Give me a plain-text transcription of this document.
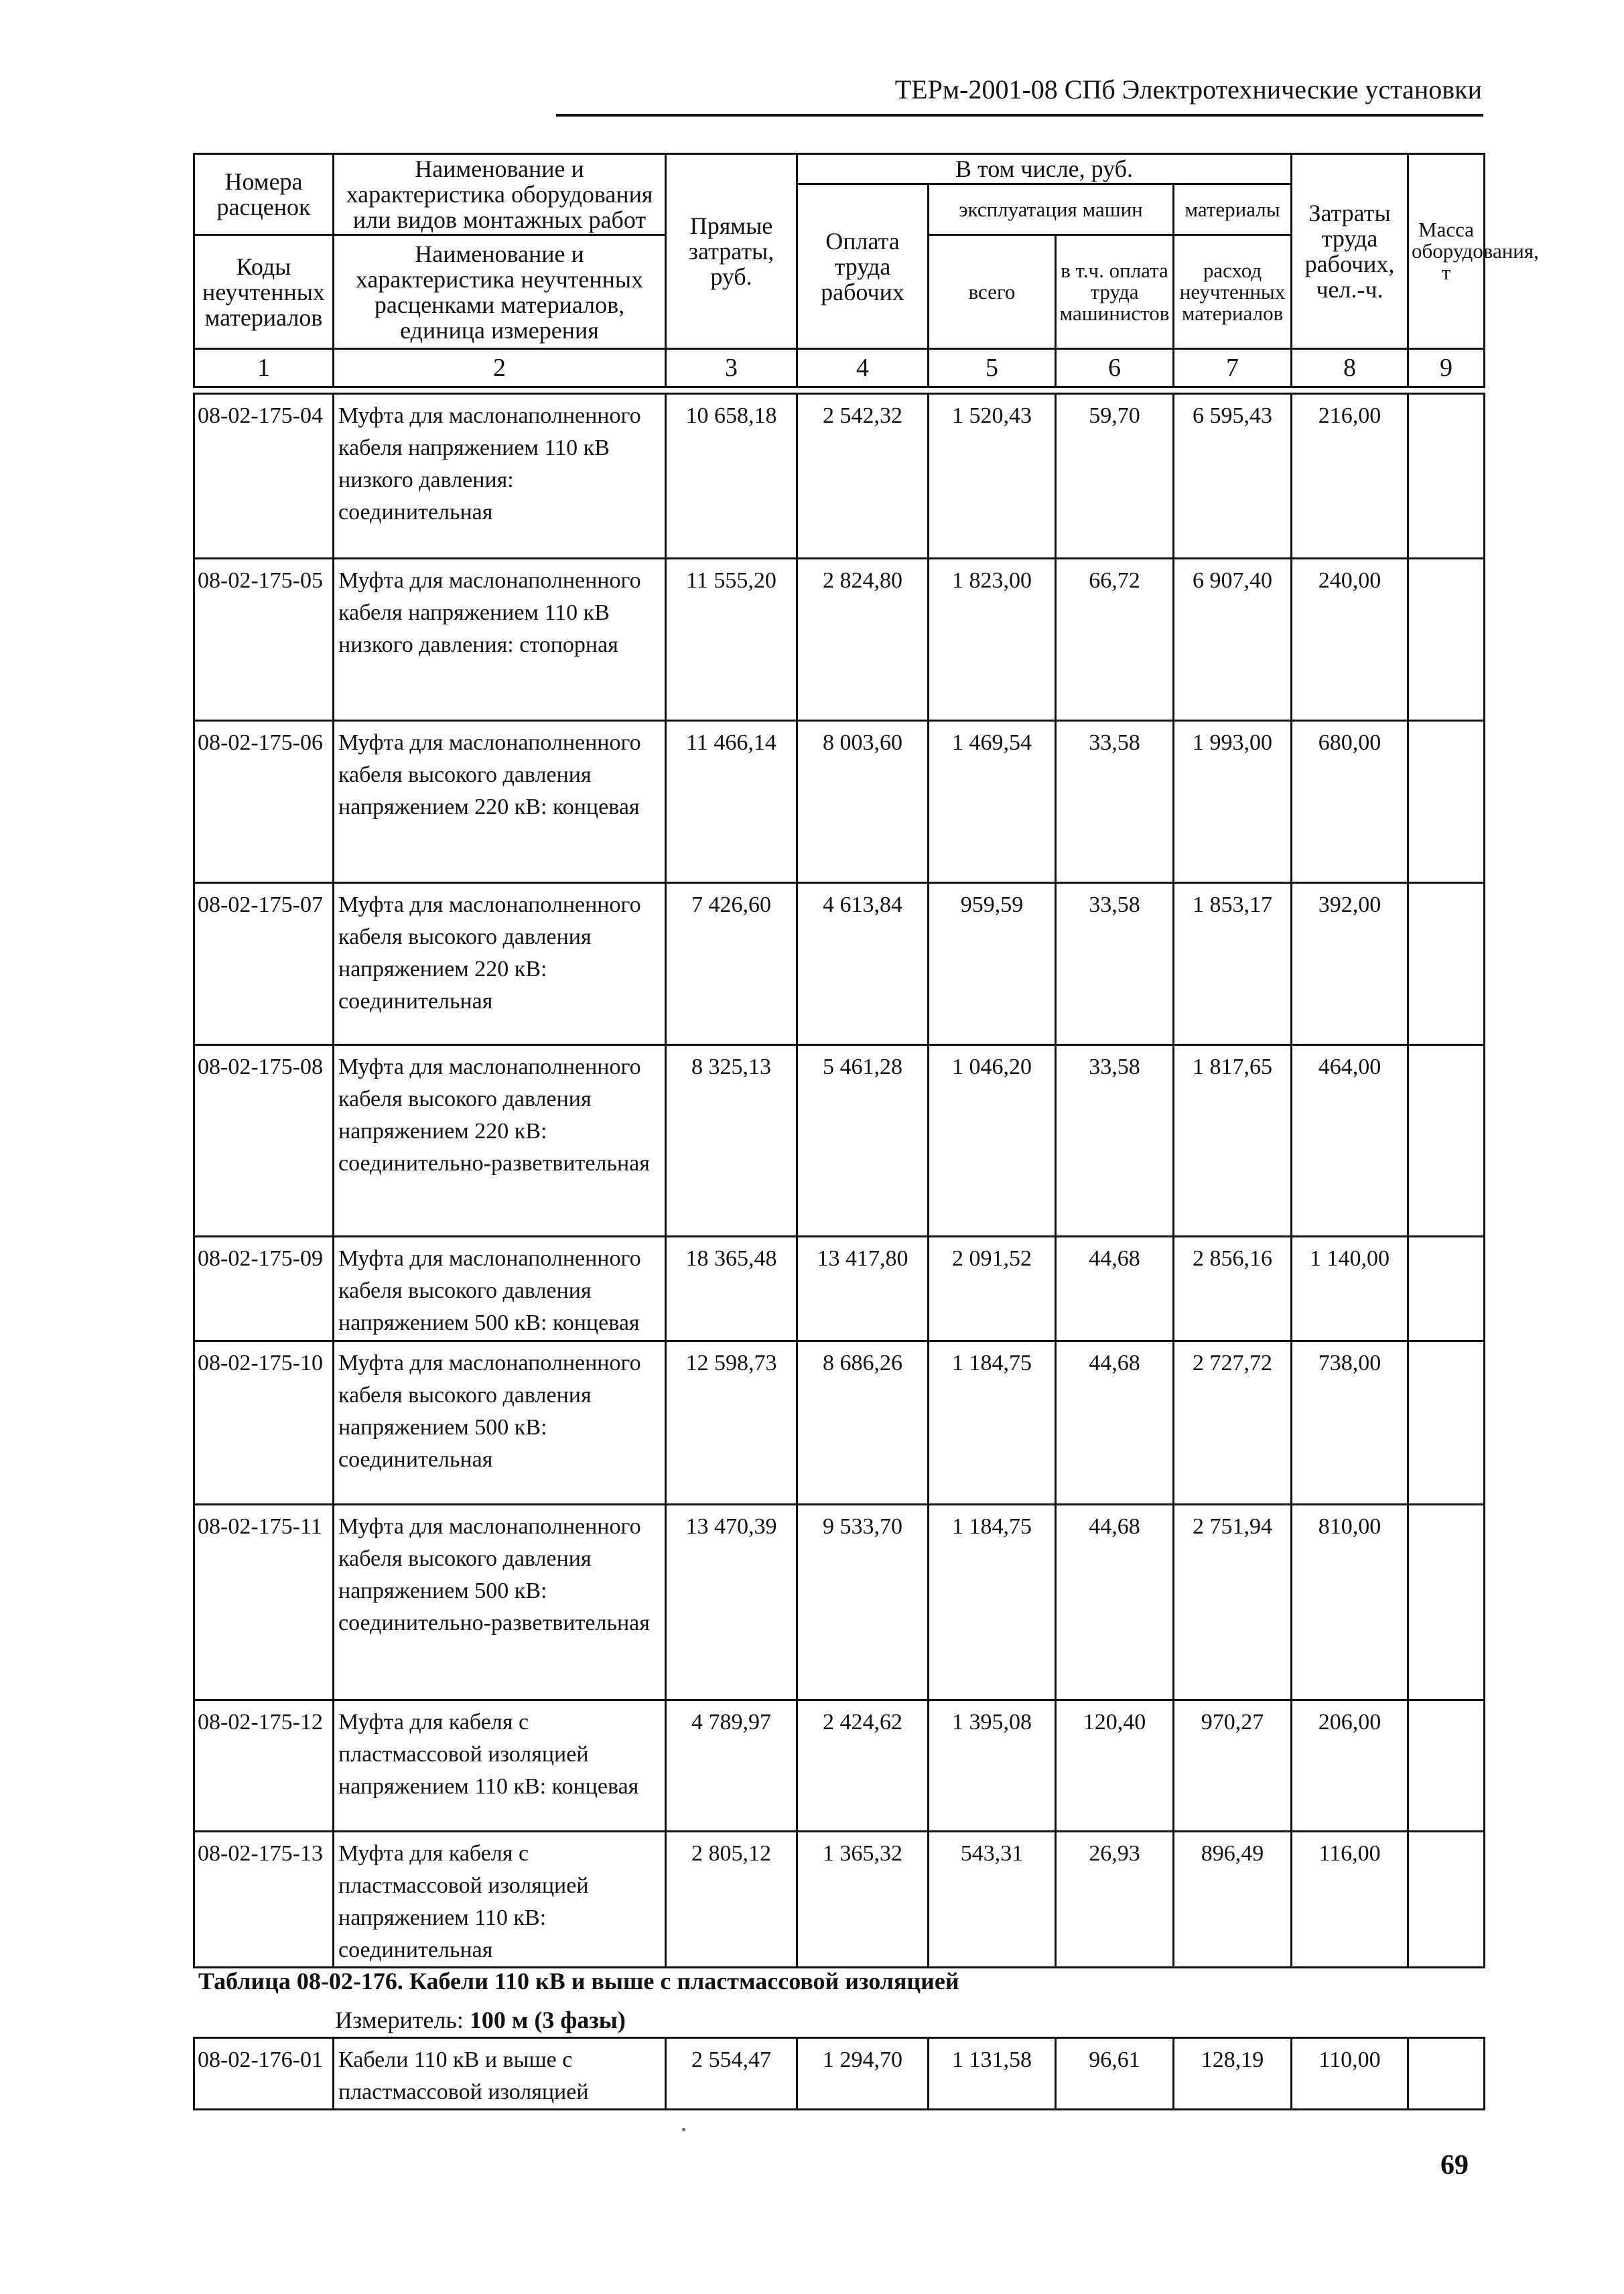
ТЕРм-2001-08 СПб Электротехнические установки
Номера расценок	Наименование и характеристика оборудования или видов монтажных работ	Прямые затраты, руб.	В том числе, руб.				Затраты труда рабочих, чел.-ч.	Масса оборудования, т
			Оплата труда рабочих	эксплуатация машин		материалы		
Коды неучтенных материалов	Наименование и характеристика неучтенных расценками материалов, единица измерения			всего	в т.ч. оплата труда машинистов	расход неучтенных материалов		

1	2	3	4	5	6	7	8	9
08-02-175-04	Муфта для маслонаполненного кабеля напряжением 110 кВ низкого давления: соединительная	10 658,18	2 542,32	1 520,43	59,70	6 595,43	216,00	
08-02-175-05	Муфта для маслонаполненного кабеля напряжением 110 кВ низкого давления: стопорная	11 555,20	2 824,80	1 823,00	66,72	6 907,40	240,00	
08-02-175-06	Муфта для маслонаполненного кабеля высокого давления напряжением 220 кВ: концевая	11 466,14	8 003,60	1 469,54	33,58	1 993,00	680,00	
08-02-175-07	Муфта для маслонаполненного кабеля высокого давления напряжением 220 кВ: соединительная	7 426,60	4 613,84	959,59	33,58	1 853,17	392,00	
08-02-175-08	Муфта для маслонаполненного кабеля высокого давления напряжением 220 кВ: соединительно-разветвительная	8 325,13	5 461,28	1 046,20	33,58	1 817,65	464,00	
08-02-175-09	Муфта для маслонаполненного кабеля высокого давления напряжением 500 кВ: концевая	18 365,48	13 417,80	2 091,52	44,68	2 856,16	1 140,00	
08-02-175-10	Муфта для маслонаполненного кабеля высокого давления напряжением 500 кВ: соединительная	12 598,73	8 686,26	1 184,75	44,68	2 727,72	738,00	
08-02-175-11	Муфта для маслонаполненного кабеля высокого давления напряжением 500 кВ: соединительно-разветвительная	13 470,39	9 533,70	1 184,75	44,68	2 751,94	810,00	
08-02-175-12	Муфта для кабеля с пластмассовой изоляцией напряжением 110 кВ: концевая	4 789,97	2 424,62	1 395,08	120,40	970,27	206,00	
08-02-175-13	Муфта для кабеля с пластмассовой изоляцией напряжением 110 кВ: соединительная	2 805,12	1 365,32	543,31	26,93	896,49	116,00	
Таблица 08-02-176. Кабели 110 кВ и выше с пластмассовой изоляцией
Измеритель: 100 м (3 фазы)
08-02-176-01	Кабели 110 кВ и выше с пластмассовой изоляцией	2 554,47	1 294,70	1 131,58	96,61	128,19	110,00	
69
